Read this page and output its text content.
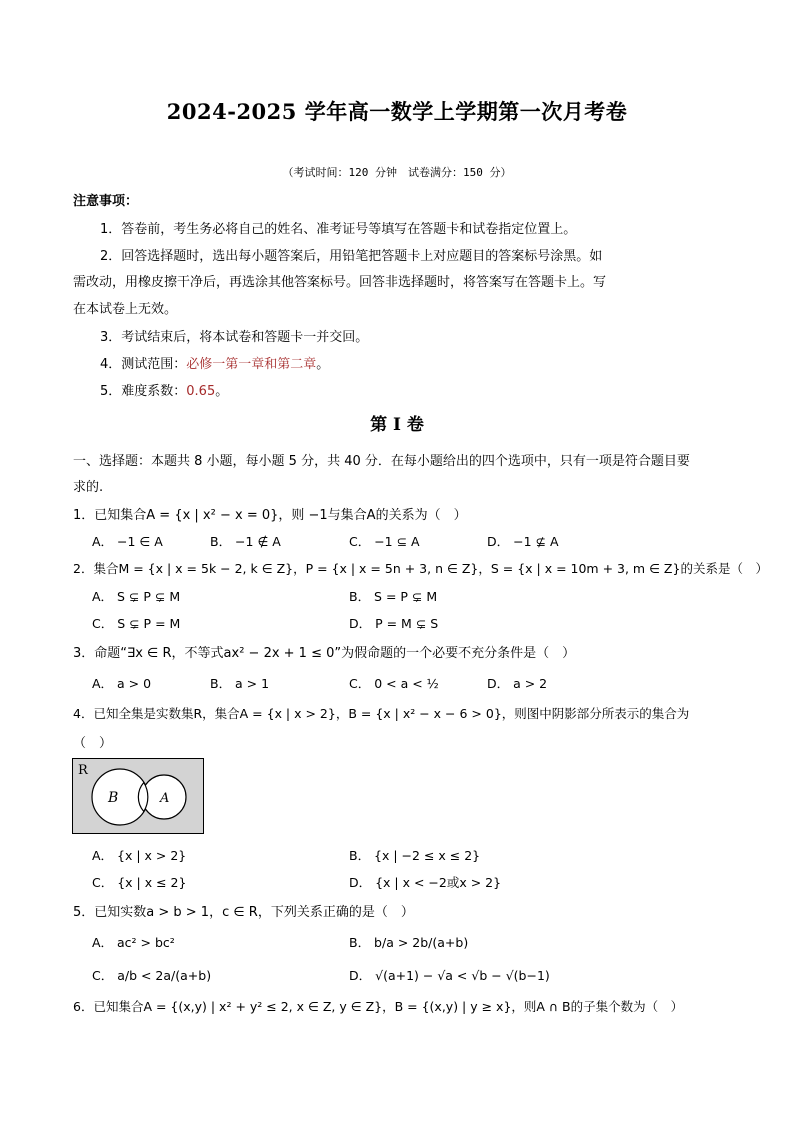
2024-2025 学年高一数学上学期第一次月考卷
（考试时间：120 分钟　试卷满分：150 分）
注意事项：
1．答卷前，考生务必将自己的姓名、准考证号等填写在答题卡和试卷指定位置上。
2．回答选择题时，选出每小题答案后，用铅笔把答题卡上对应题目的答案标号涂黑。如
需改动，用橡皮擦干净后，再选涂其他答案标号。回答非选择题时，将答案写在答题卡上。写
在本试卷上无效。
3．考试结束后，将本试卷和答题卡一并交回。
4．测试范围：必修一第一章和第二章。
5．难度系数：0.65。
第 Ⅰ 卷
一、选择题：本题共 8 小题，每小题 5 分，共 40 分．在每小题给出的四个选项中，只有一项是符合题目要
求的.
1．已知集合A = {x | x² − x = 0}，则 −1与集合A的关系为（　）
A． −1 ∈ A	B． −1 ∉ A	C． −1 ⊆ A	D． −1 ⊈ A
2．集合M = {x | x = 5k − 2, k ∈ Z}，P = {x | x = 5n + 3, n ∈ Z}，S = {x | x = 10m + 3, m ∈ Z}的关系是（　）
A． S ⊊ P ⊊ M	B． S = P ⊊ M
C． S ⊊ P = M	D． P = M ⊊ S
3．命题“∃x ∈ R，不等式ax² − 2x + 1 ≤ 0”为假命题的一个必要不充分条件是（　）
A． a > 0	B． a > 1	C． 0 < a < ½	D． a > 2
4．已知全集是实数集R，集合A = {x | x > 2}，B = {x | x² − x − 6 > 0}，则图中阴影部分所表示的集合为
（　）
R
B	A
A． {x | x > 2}	B． {x | −2 ≤ x ≤ 2}
C． {x | x ≤ 2}	D． {x | x < −2或x > 2}
5．已知实数a > b > 1，c ∈ R，下列关系正确的是（　）
A． ac² > bc²	B． b/a > 2b/(a+b)
C． a/b < 2a/(a+b)	D． √(a+1) − √a < √b − √(b−1)
6．已知集合A = {(x,y) | x² + y² ≤ 2, x ∈ Z, y ∈ Z}，B = {(x,y) | y ≥ x}，则A ∩ B的子集个数为（　）
